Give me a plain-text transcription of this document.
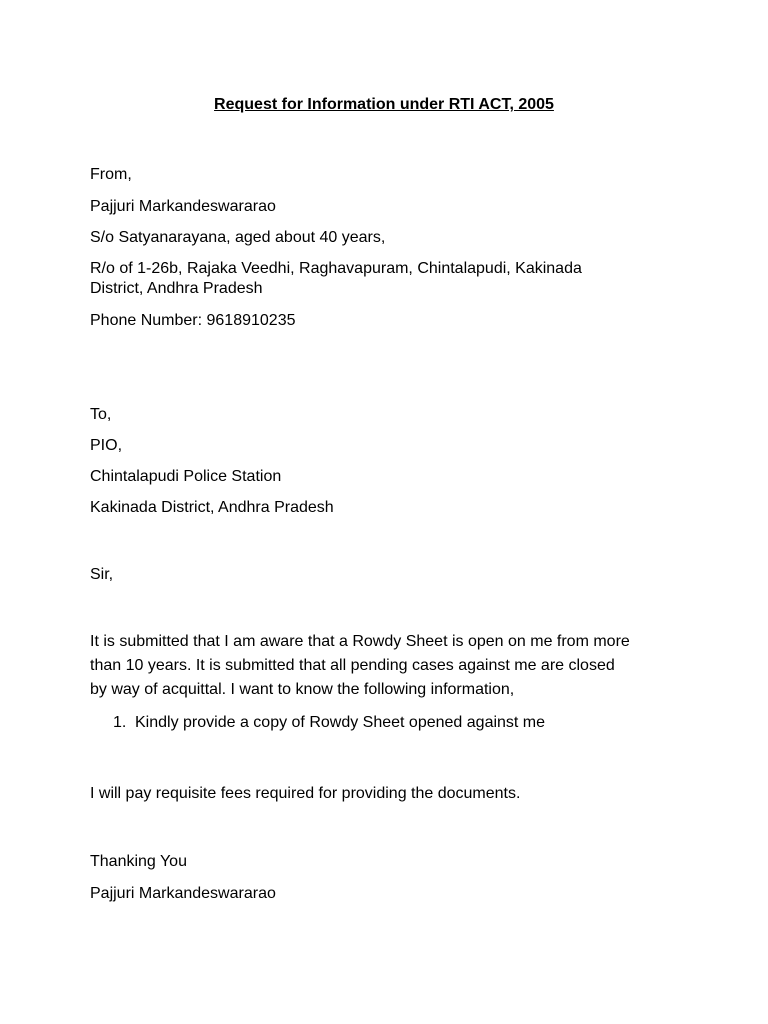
Request for Information under RTI ACT, 2005

From,

Pajjuri Markandeswararao

S/o Satyanarayana, aged about 40 years,

R/o of 1-26b, Rajaka Veedhi, Raghavapuram, Chintalapudi, Kakinada

District, Andhra Pradesh

Phone Number: 9618910235

To,

PIO,

Chintalapudi Police Station

Kakinada District, Andhra Pradesh

Sir,

It is submitted that I am aware that a Rowdy Sheet is open on me from more

than 10 years. It is submitted that all pending cases against me are closed

by way of acquittal. I want to know the following information,

1. Kindly provide a copy of Rowdy Sheet opened against me

I will pay requisite fees required for providing the documents.

Thanking You

Pajjuri Markandeswararao
